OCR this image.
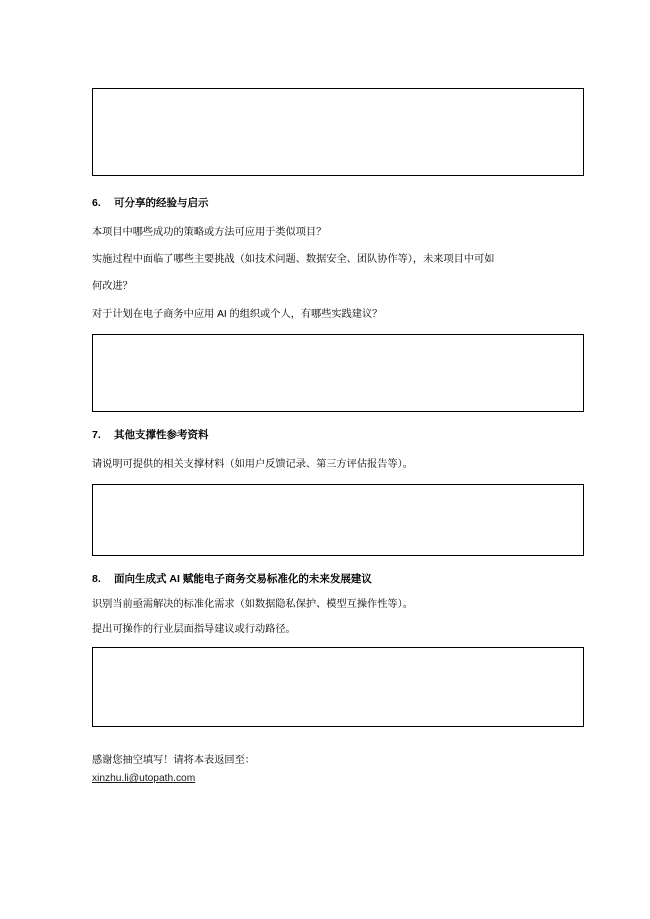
6. 可分享的经验与启示
本项目中哪些成功的策略或方法可应用于类似项目？
实施过程中面临了哪些主要挑战（如技术问题、数据安全、团队协作等），未来项目中可如
何改进？
对于计划在电子商务中应用 AI 的组织或个人，有哪些实践建议？
7. 其他支撑性参考资料
请说明可提供的相关支撑材料（如用户反馈记录、第三方评估报告等）。
8. 面向生成式 AI 赋能电子商务交易标准化的未来发展建议
识别当前亟需解决的标准化需求（如数据隐私保护、模型互操作性等）。
提出可操作的行业层面指导建议或行动路径。
感谢您抽空填写！请将本表返回至：
xinzhu.li@utopath.com
